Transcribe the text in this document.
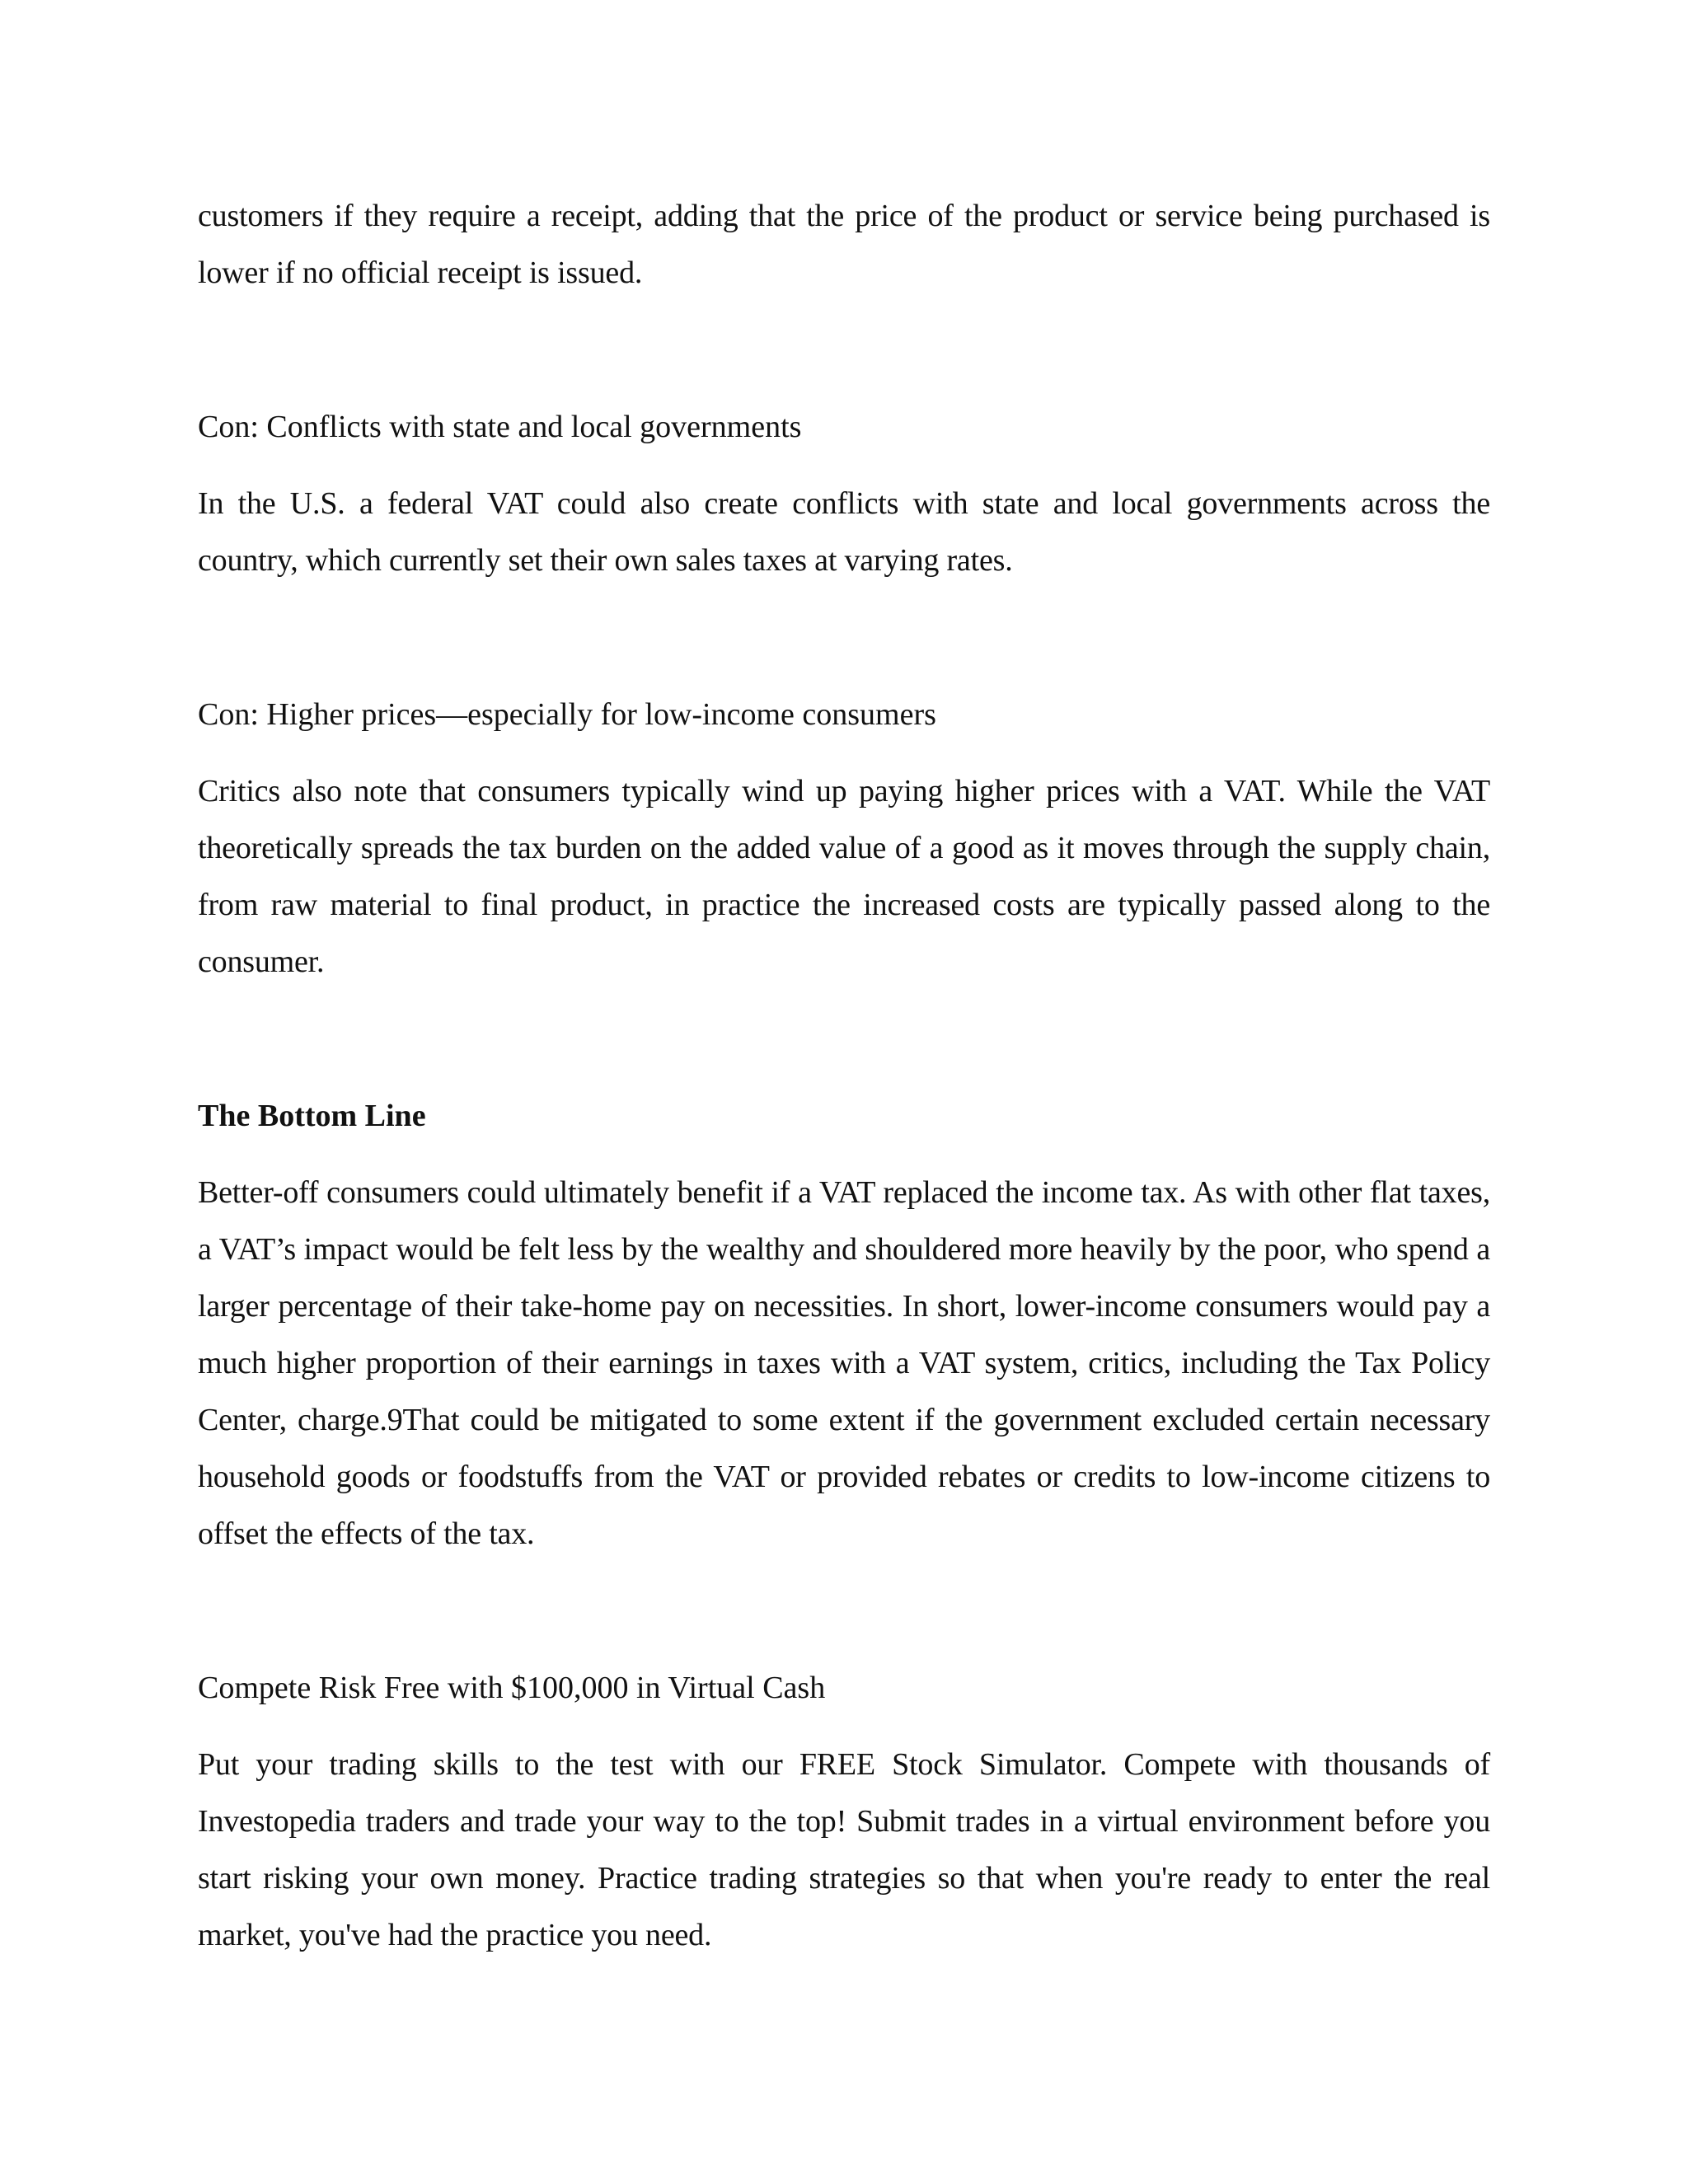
customers if they require a receipt, adding that the price of the product or service being purchased is lower if no official receipt is issued.

Con: Conflicts with state and local governments

In the U.S. a federal VAT could also create conflicts with state and local governments across the country, which currently set their own sales taxes at varying rates.

Con: Higher prices—especially for low-income consumers

Critics also note that consumers typically wind up paying higher prices with a VAT. While the VAT theoretically spreads the tax burden on the added value of a good as it moves through the supply chain, from raw material to final product, in practice the increased costs are typically passed along to the consumer.

The Bottom Line

Better-off consumers could ultimately benefit if a VAT replaced the income tax. As with other flat taxes, a VAT’s impact would be felt less by the wealthy and shouldered more heavily by the poor, who spend a larger percentage of their take-home pay on necessities. In short, lower-income consumers would pay a much higher proportion of their earnings in taxes with a VAT system, critics, including the Tax Policy Center, charge.9That could be mitigated to some extent if the government excluded certain necessary household goods or foodstuffs from the VAT or provided rebates or credits to low-income citizens to offset the effects of the tax.

Compete Risk Free with $100,000 in Virtual Cash

Put your trading skills to the test with our FREE Stock Simulator. Compete with thousands of Investopedia traders and trade your way to the top! Submit trades in a virtual environment before you start risking your own money. Practice trading strategies so that when you're ready to enter the real market, you've had the practice you need.
